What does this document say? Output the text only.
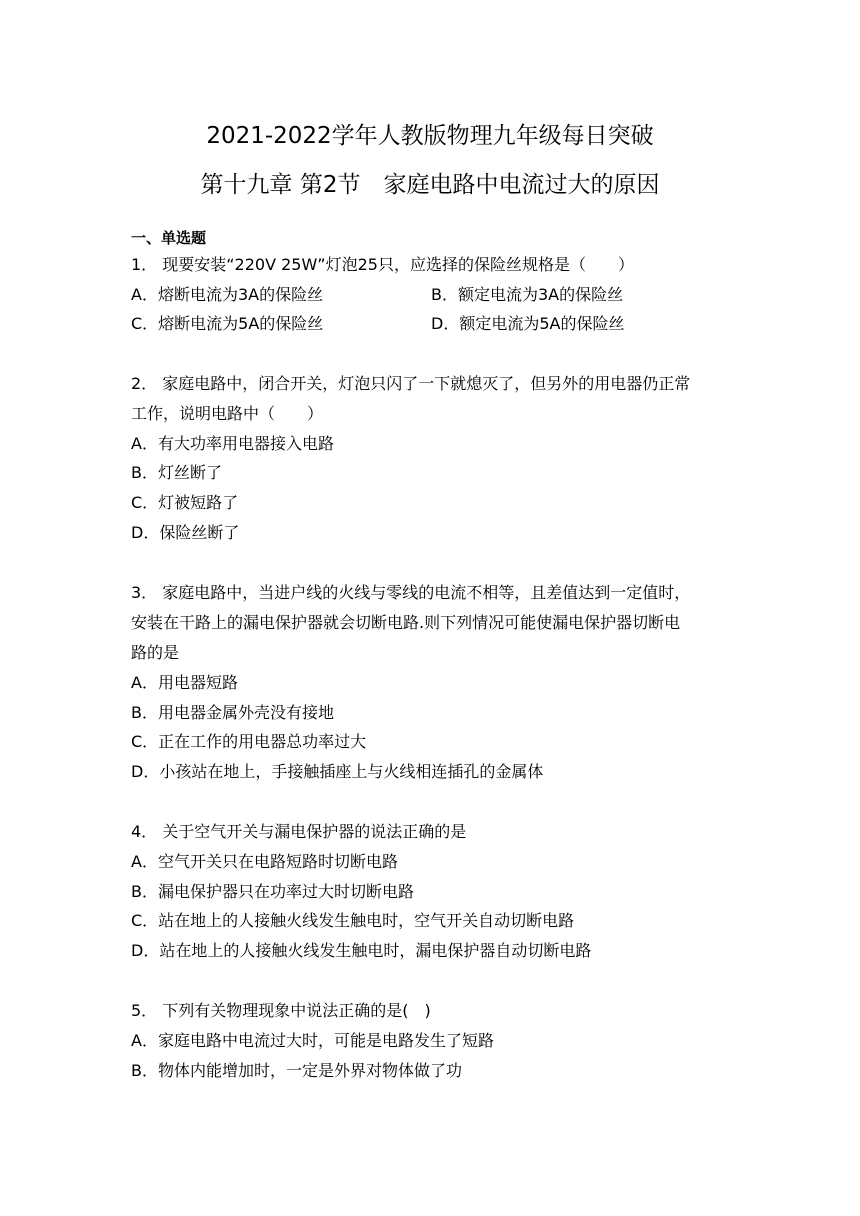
2021-2022学年人教版物理九年级每日突破
第十九章 第2节　家庭电路中电流过大的原因
一、单选题
1． 现要安装“220V 25W”灯泡25只，应选择的保险丝规格是（　　）
A．熔断电流为3A的保险丝	B．额定电流为3A的保险丝
C．熔断电流为5A的保险丝	D．额定电流为5A的保险丝
2． 家庭电路中，闭合开关，灯泡只闪了一下就熄灭了，但另外的用电器仍正常
工作，说明电路中（　　）
A．有大功率用电器接入电路
B．灯丝断了
C．灯被短路了
D．保险丝断了
3． 家庭电路中，当进户线的火线与零线的电流不相等，且差值达到一定值时，
安装在干路上的漏电保护器就会切断电路.则下列情况可能使漏电保护器切断电
路的是
A．用电器短路
B．用电器金属外壳没有接地
C．正在工作的用电器总功率过大
D．小孩站在地上，手接触插座上与火线相连插孔的金属体
4． 关于空气开关与漏电保护器的说法正确的是
A．空气开关只在电路短路时切断电路
B．漏电保护器只在功率过大时切断电路
C．站在地上的人接触火线发生触电时，空气开关自动切断电路
D．站在地上的人接触火线发生触电时，漏电保护器自动切断电路
5． 下列有关物理现象中说法正确的是(　)
A．家庭电路中电流过大时，可能是电路发生了短路
B．物体内能增加时，一定是外界对物体做了功
